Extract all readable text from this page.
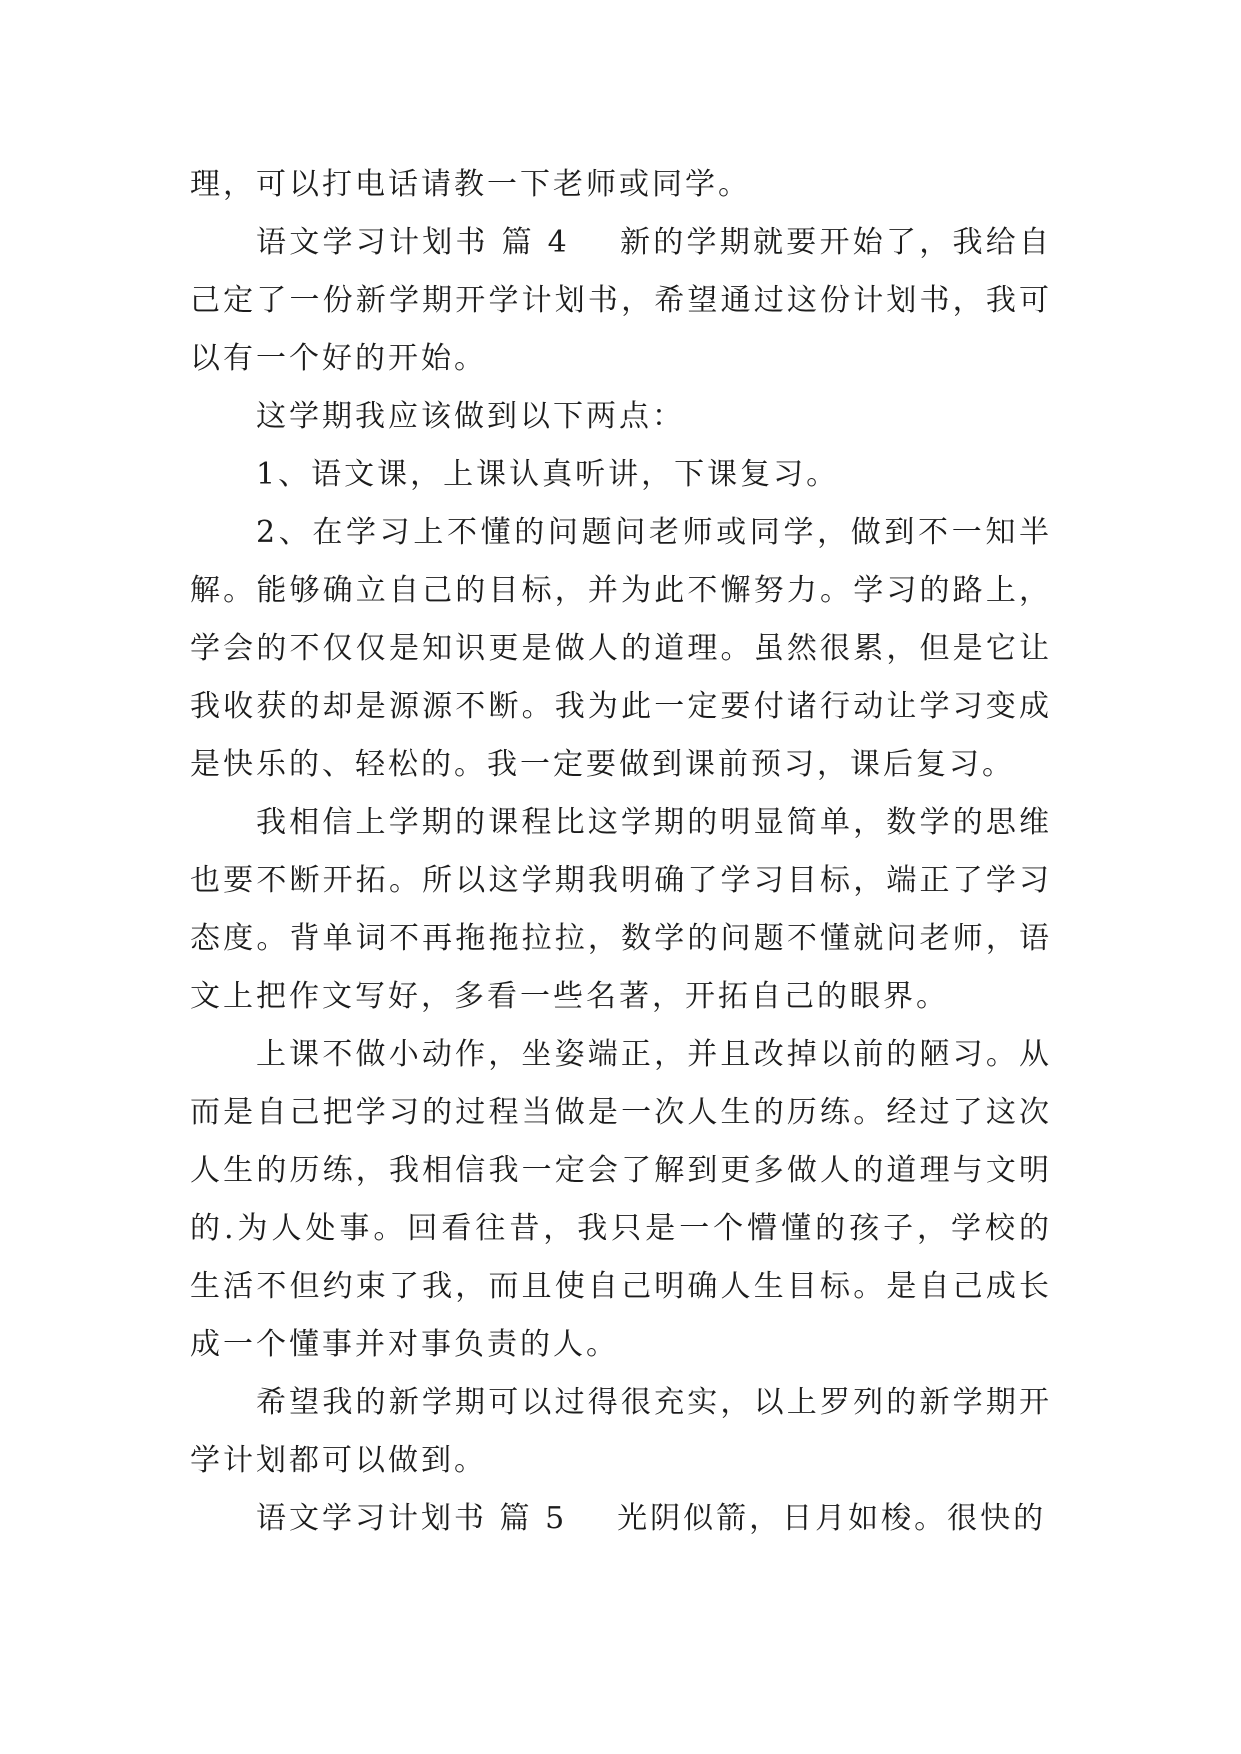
理，可以打电话请教一下老师或同学。

语文学习计划书 篇 4 新的学期就要开始了，我给自己定了一份新学期开学计划书，希望通过这份计划书，我可以有一个好的开始。

这学期我应该做到以下两点：

1、语文课，上课认真听讲，下课复习。

2、在学习上不懂的问题问老师或同学，做到不一知半解。能够确立自己的目标，并为此不懈努力。学习的路上，学会的不仅仅是知识更是做人的道理。虽然很累，但是它让我收获的却是源源不断。我为此一定要付诸行动让学习变成是快乐的、轻松的。我一定要做到课前预习，课后复习。

我相信上学期的课程比这学期的明显简单，数学的思维也要不断开拓。所以这学期我明确了学习目标，端正了学习态度。背单词不再拖拖拉拉，数学的问题不懂就问老师，语文上把作文写好，多看一些名著，开拓自己的眼界。

上课不做小动作，坐姿端正，并且改掉以前的陋习。从而是自己把学习的过程当做是一次人生的历练。经过了这次人生的历练，我相信我一定会了解到更多做人的道理与文明的.为人处事。回看往昔，我只是一个懵懂的孩子，学校的生活不但约束了我，而且使自己明确人生目标。是自己成长成一个懂事并对事负责的人。

希望我的新学期可以过得很充实，以上罗列的新学期开学计划都可以做到。

语文学习计划书 篇 5 光阴似箭，日月如梭。很快的
